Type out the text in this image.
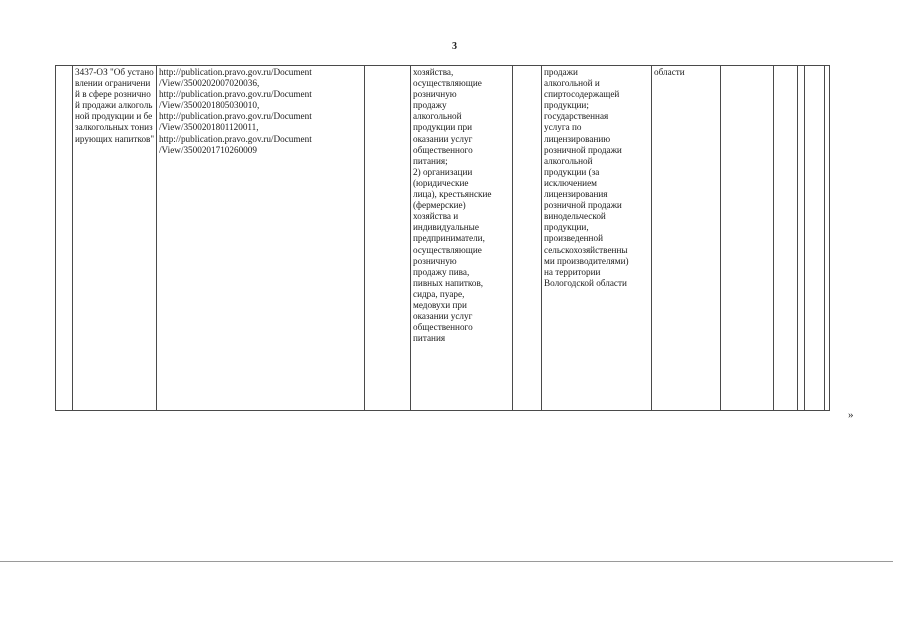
3
	3437-ОЗ "Об установлении ограничений в сфере розничной продажи алкогольной продукции и безалкогольных тонизирующих напитков"	http://publication.pravo.gov.ru/Document
/View/3500202007020036,
http://publication.pravo.gov.ru/Document
/View/3500201805030010,
http://publication.pravo.gov.ru/Document
/View/3500201801120011,
http://publication.pravo.gov.ru/Document
/View/3500201710260009		хозяйства,
осуществляющие
розничную
продажу
алкогольной
продукции при
оказании услуг
общественного
питания;
2) организации
(юридические
лица), крестьянские
(фермерские)
хозяйства и
индивидуальные
предприниматели,
осуществляющие
розничную
продажу пива,
пивных напитков,
сидра, пуаре,
медовухи при
оказании услуг
общественного
питания		продажи
алкогольной и
спиртосодержащей
продукции;
государственная
услуга по
лицензированию
розничной продажи
алкогольной
продукции (за
исключением
лицензирования
розничной продажи
винодельческой
продукции,
произведенной
сельскохозяйственны
ми производителями)
на территории
Вологодской области	области					
»
